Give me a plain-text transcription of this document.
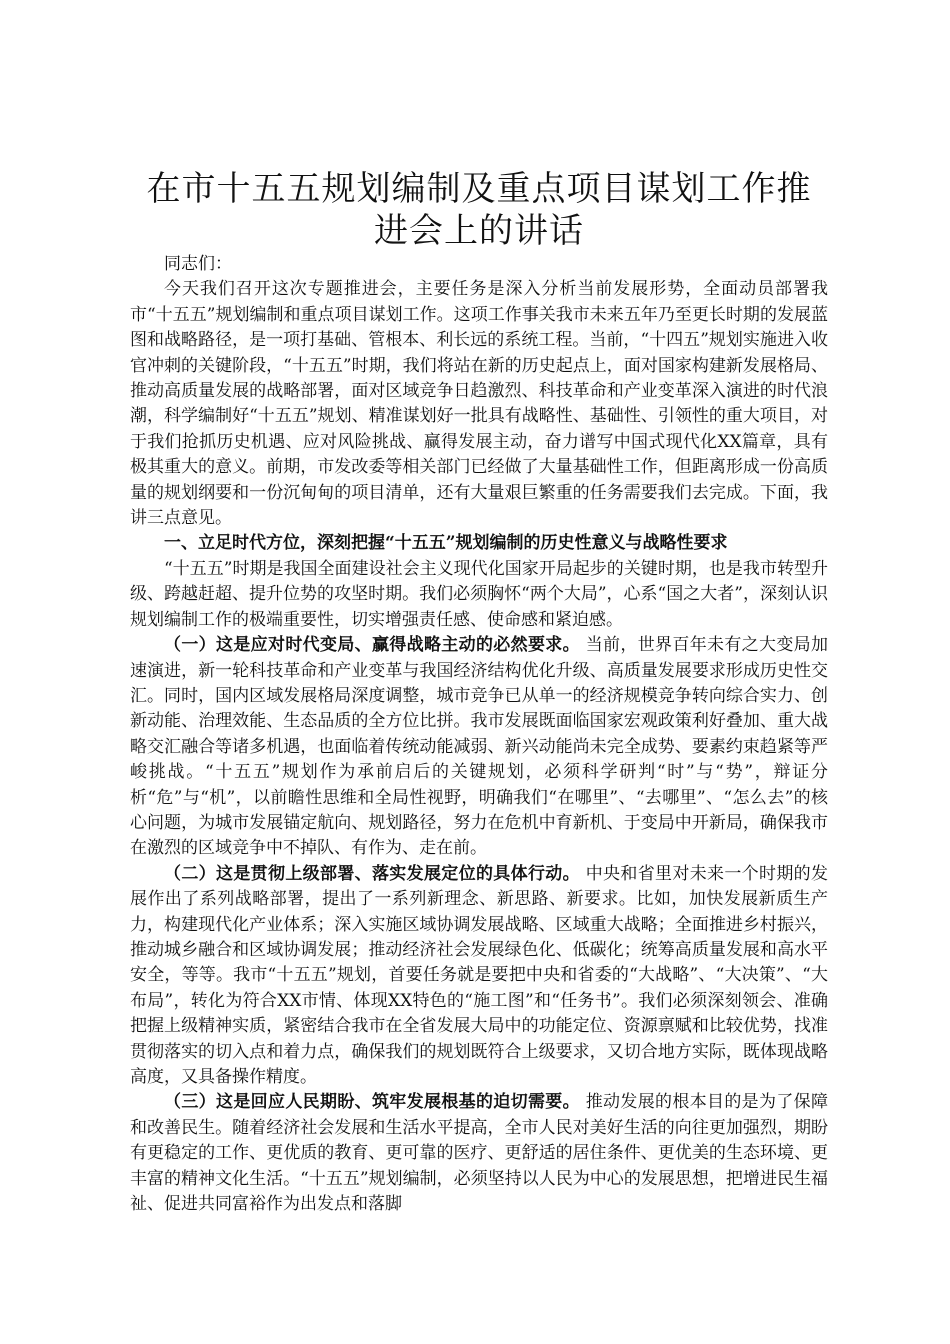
在市十五五规划编制及重点项目谋划工作推进会上的讲话

同志们：

今天我们召开这次专题推进会，主要任务是深入分析当前发展形势，全面动员部署我市“十五五”规划编制和重点项目谋划工作。这项工作事关我市未来五年乃至更长时期的发展蓝图和战略路径，是一项打基础、管根本、利长远的系统工程。当前，“十四五”规划实施进入收官冲刺的关键阶段，“十五五”时期，我们将站在新的历史起点上，面对国家构建新发展格局、推动高质量发展的战略部署，面对区域竞争日趋激烈、科技革命和产业变革深入演进的时代浪潮，科学编制好“十五五”规划、精准谋划好一批具有战略性、基础性、引领性的重大项目，对于我们抢抓历史机遇、应对风险挑战、赢得发展主动，奋力谱写中国式现代化XX篇章，具有极其重大的意义。前期，市发改委等相关部门已经做了大量基础性工作，但距离形成一份高质量的规划纲要和一份沉甸甸的项目清单，还有大量艰巨繁重的任务需要我们去完成。下面，我讲三点意见。

一、立足时代方位，深刻把握“十五五”规划编制的历史性意义与战略性要求

“十五五”时期是我国全面建设社会主义现代化国家开局起步的关键时期，也是我市转型升级、跨越赶超、提升位势的攻坚时期。我们必须胸怀“两个大局”，心系“国之大者”，深刻认识规划编制工作的极端重要性，切实增强责任感、使命感和紧迫感。

（一）这是应对时代变局、赢得战略主动的必然要求。 当前，世界百年未有之大变局加速演进，新一轮科技革命和产业变革与我国经济结构优化升级、高质量发展要求形成历史性交汇。同时，国内区域发展格局深度调整，城市竞争已从单一的经济规模竞争转向综合实力、创新动能、治理效能、生态品质的全方位比拼。我市发展既面临国家宏观政策利好叠加、重大战略交汇融合等诸多机遇，也面临着传统动能减弱、新兴动能尚未完全成势、要素约束趋紧等严峻挑战。“十五五”规划作为承前启后的关键规划，必须科学研判“时”与“势”，辩证分析“危”与“机”，以前瞻性思维和全局性视野，明确我们“在哪里”、“去哪里”、“怎么去”的核心问题，为城市发展锚定航向、规划路径，努力在危机中育新机、于变局中开新局，确保我市在激烈的区域竞争中不掉队、有作为、走在前。

（二）这是贯彻上级部署、落实发展定位的具体行动。 中央和省里对未来一个时期的发展作出了系列战略部署，提出了一系列新理念、新思路、新要求。比如，加快发展新质生产力，构建现代化产业体系；深入实施区域协调发展战略、区域重大战略；全面推进乡村振兴，推动城乡融合和区域协调发展；推动经济社会发展绿色化、低碳化；统筹高质量发展和高水平安全，等等。我市“十五五”规划，首要任务就是要把中央和省委的“大战略”、“大决策”、“大布局”，转化为符合XX市情、体现XX特色的“施工图”和“任务书”。我们必须深刻领会、准确把握上级精神实质，紧密结合我市在全省发展大局中的功能定位、资源禀赋和比较优势，找准贯彻落实的切入点和着力点，确保我们的规划既符合上级要求，又切合地方实际，既体现战略高度，又具备操作精度。

（三）这是回应人民期盼、筑牢发展根基的迫切需要。 推动发展的根本目的是为了保障和改善民生。随着经济社会发展和生活水平提高，全市人民对美好生活的向往更加强烈，期盼有更稳定的工作、更优质的教育、更可靠的医疗、更舒适的居住条件、更优美的生态环境、更丰富的精神文化生活。“十五五”规划编制，必须坚持以人民为中心的发展思想，把增进民生福祉、促进共同富裕作为出发点和落脚
